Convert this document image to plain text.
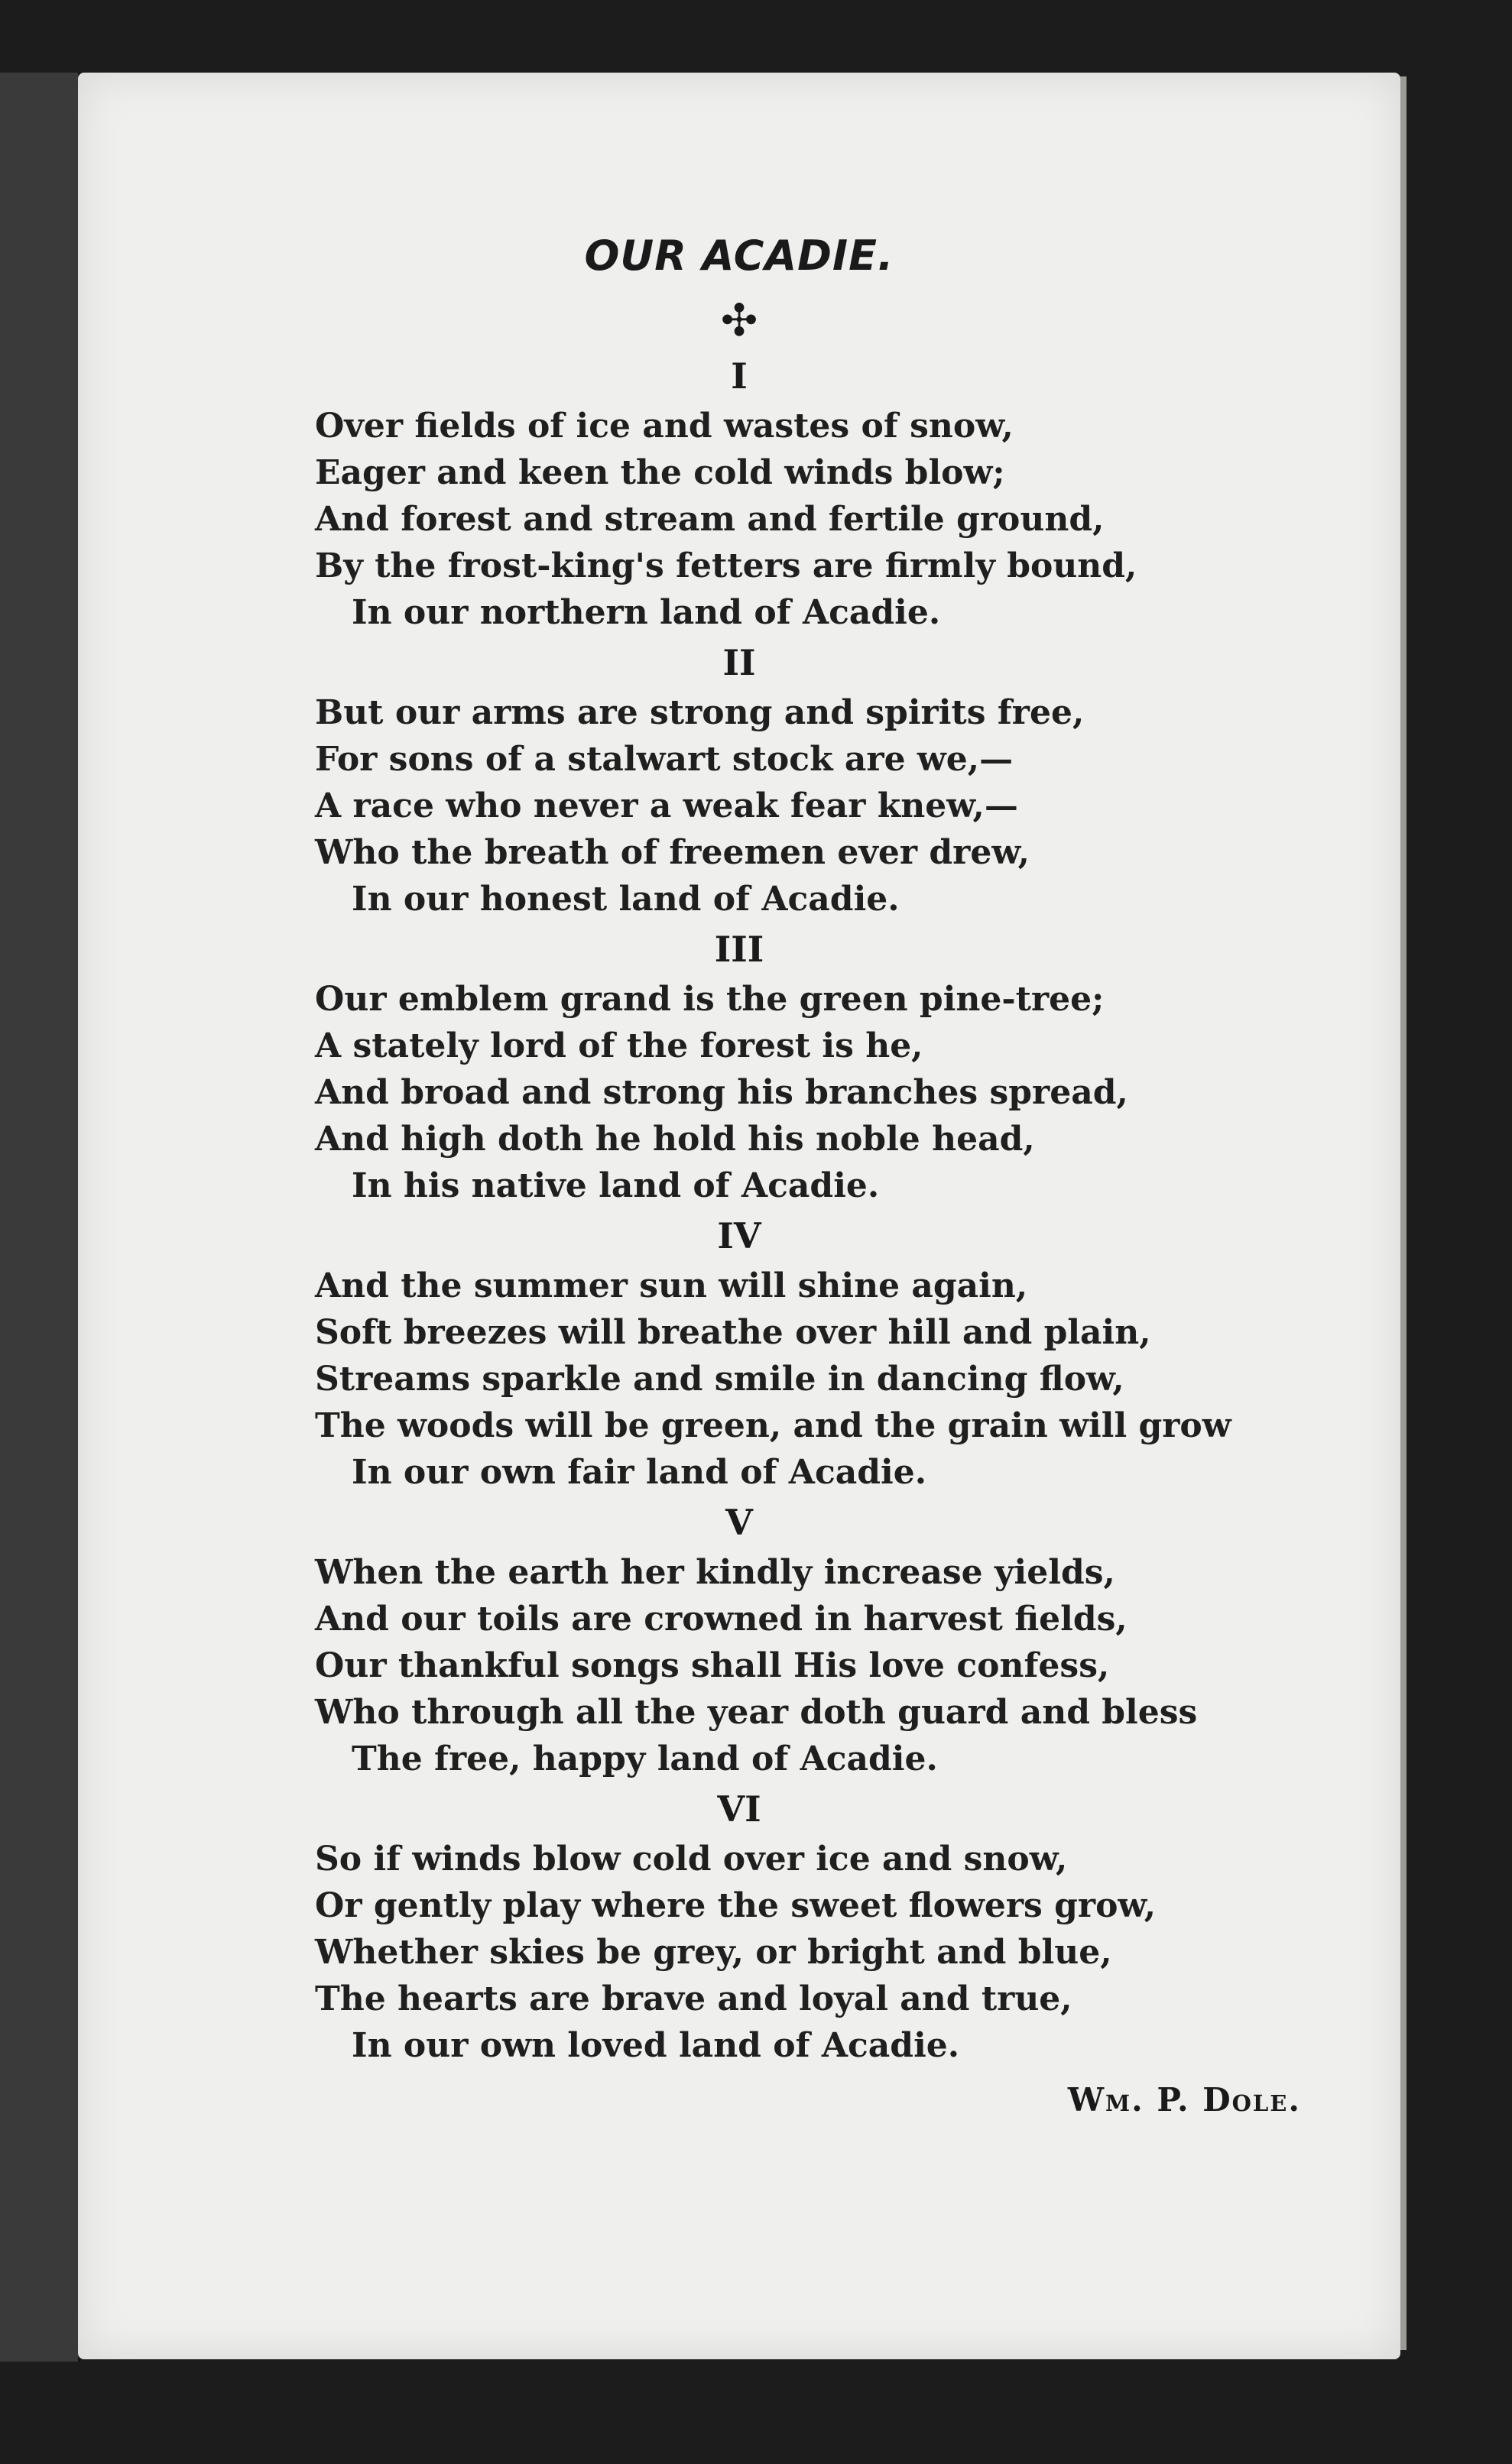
OUR ACADIE.
✣
I
Over fields of ice and wastes of snow,
Eager and keen the cold winds blow;
And forest and stream and fertile ground,
By the frost-king's fetters are firmly bound,
In our northern land of Acadie.
II
But our arms are strong and spirits free,
For sons of a stalwart stock are we,—
A race who never a weak fear knew,—
Who the breath of freemen ever drew,
In our honest land of Acadie.
III
Our emblem grand is the green pine-tree;
A stately lord of the forest is he,
And broad and strong his branches spread,
And high doth he hold his noble head,
In his native land of Acadie.
IV
And the summer sun will shine again,
Soft breezes will breathe over hill and plain,
Streams sparkle and smile in dancing flow,
The woods will be green, and the grain will grow
In our own fair land of Acadie.
V
When the earth her kindly increase yields,
And our toils are crowned in harvest fields,
Our thankful songs shall His love confess,
Who through all the year doth guard and bless
The free, happy land of Acadie.
VI
So if winds blow cold over ice and snow,
Or gently play where the sweet flowers grow,
Whether skies be grey, or bright and blue,
The hearts are brave and loyal and true,
In our own loved land of Acadie.
Wm. P. Dole.
